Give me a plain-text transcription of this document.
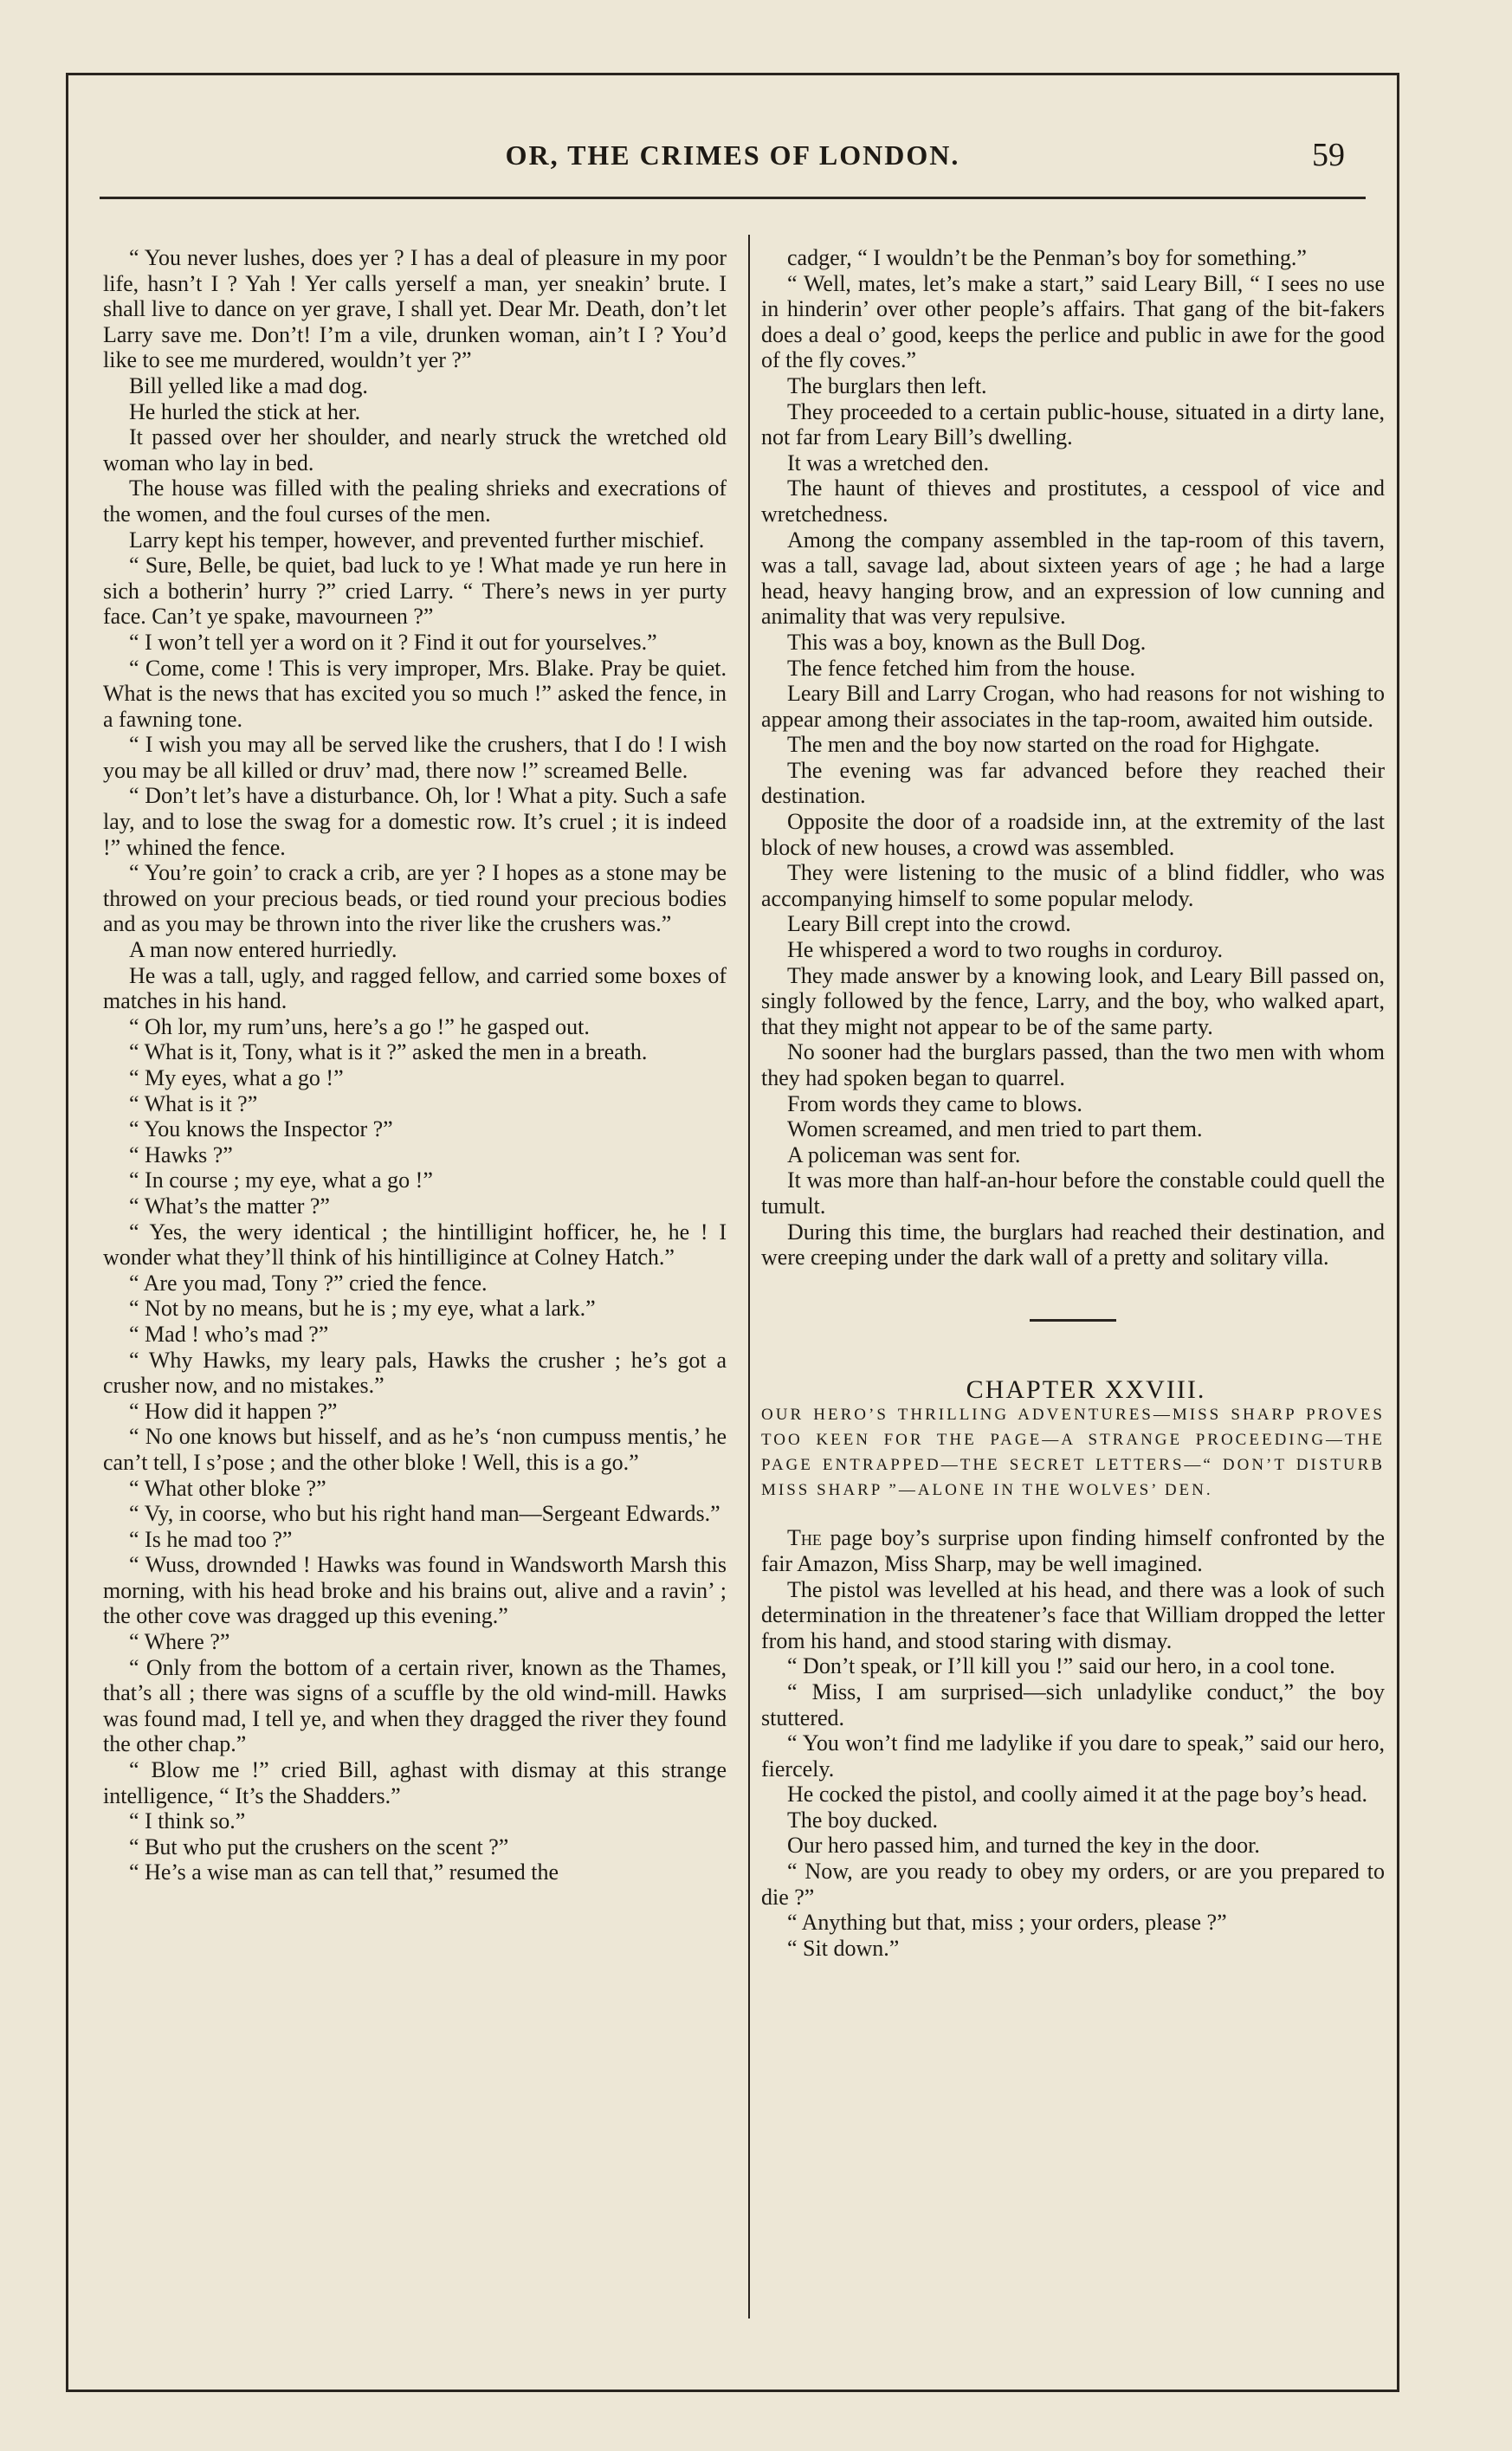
OR, THE CRIMES OF LONDON.	59

“ You never lushes, does yer ? I has a deal of pleasure in my poor life, hasn’t I ? Yah ! Yer calls yerself a man, yer sneakin’ brute. I shall live to dance on yer grave, I shall yet. Dear Mr. Death, don’t let Larry save me. Don’t! I’m a vile, drunken woman, ain’t I ? You’d like to see me murdered, wouldn’t yer ?”

Bill yelled like a mad dog.

He hurled the stick at her.

It passed over her shoulder, and nearly struck the wretched old woman who lay in bed.

The house was filled with the pealing shrieks and execrations of the women, and the foul curses of the men.

Larry kept his temper, however, and prevented further mischief.

“ Sure, Belle, be quiet, bad luck to ye ! What made ye run here in sich a botherin’ hurry ?” cried Larry. “ There’s news in yer purty face. Can’t ye spake, mavourneen ?”

“ I won’t tell yer a word on it ? Find it out for yourselves.”

“ Come, come ! This is very improper, Mrs. Blake. Pray be quiet. What is the news that has excited you so much !” asked the fence, in a fawning tone.

“ I wish you may all be served like the crushers, that I do ! I wish you may be all killed or druv’ mad, there now !” screamed Belle.

“ Don’t let’s have a disturbance. Oh, lor ! What a pity. Such a safe lay, and to lose the swag for a domestic row. It’s cruel ; it is indeed !” whined the fence.

“ You’re goin’ to crack a crib, are yer ? I hopes as a stone may be throwed on your precious beads, or tied round your precious bodies and as you may be thrown into the river like the crushers was.”

A man now entered hurriedly.

He was a tall, ugly, and ragged fellow, and carried some boxes of matches in his hand.

“ Oh lor, my rum’uns, here’s a go !” he gasped out.

“ What is it, Tony, what is it ?” asked the men in a breath.

“ My eyes, what a go !”

“ What is it ?”

“ You knows the Inspector ?”

“ Hawks ?”

“ In course ; my eye, what a go !”

“ What’s the matter ?”

“ Yes, the wery identical ; the hintilligint hofficer, he, he ! I wonder what they’ll think of his hintilligince at Colney Hatch.”

“ Are you mad, Tony ?” cried the fence.

“ Not by no means, but he is ; my eye, what a lark.”

“ Mad ! who’s mad ?”

“ Why Hawks, my leary pals, Hawks the crusher ; he’s got a crusher now, and no mistakes.”

“ How did it happen ?”

“ No one knows but hisself, and as he’s ‘non cumpuss mentis,’ he can’t tell, I s’pose ; and the other bloke ! Well, this is a go.”

“ What other bloke ?”

“ Vy, in coorse, who but his right hand man—Sergeant Edwards.”

“ Is he mad too ?”

“ Wuss, drownded ! Hawks was found in Wandsworth Marsh this morning, with his head broke and his brains out, alive and a ravin’ ; the other cove was dragged up this evening.”

“ Where ?”

“ Only from the bottom of a certain river, known as the Thames, that’s all ; there was signs of a scuffle by the old wind-mill. Hawks was found mad, I tell ye, and when they dragged the river they found the other chap.”

“ Blow me !” cried Bill, aghast with dismay at this strange intelligence, “ It’s the Shadders.”

“ I think so.”

“ But who put the crushers on the scent ?”

“ He’s a wise man as can tell that,” resumed the

cadger, “ I wouldn’t be the Penman’s boy for something.”

“ Well, mates, let’s make a start,” said Leary Bill, “ I sees no use in hinderin’ over other people’s affairs. That gang of the bit-fakers does a deal o’ good, keeps the perlice and public in awe for the good of the fly coves.”

The burglars then left.

They proceeded to a certain public-house, situated in a dirty lane, not far from Leary Bill’s dwelling.

It was a wretched den.

The haunt of thieves and prostitutes, a cesspool of vice and wretchedness.

Among the company assembled in the tap-room of this tavern, was a tall, savage lad, about sixteen years of age ; he had a large head, heavy hanging brow, and an expression of low cunning and animality that was very repulsive.

This was a boy, known as the Bull Dog.

The fence fetched him from the house.

Leary Bill and Larry Crogan, who had reasons for not wishing to appear among their associates in the tap-room, awaited him outside.

The men and the boy now started on the road for Highgate.

The evening was far advanced before they reached their destination.

Opposite the door of a roadside inn, at the extremity of the last block of new houses, a crowd was assembled.

They were listening to the music of a blind fiddler, who was accompanying himself to some popular melody.

Leary Bill crept into the crowd.

He whispered a word to two roughs in corduroy.

They made answer by a knowing look, and Leary Bill passed on, singly followed by the fence, Larry, and the boy, who walked apart, that they might not appear to be of the same party.

No sooner had the burglars passed, than the two men with whom they had spoken began to quarrel.

From words they came to blows.

Women screamed, and men tried to part them.

A policeman was sent for.

It was more than half-an-hour before the constable could quell the tumult.

During this time, the burglars had reached their destination, and were creeping under the dark wall of a pretty and solitary villa.

CHAPTER XXVIII.

OUR HERO’S THRILLING ADVENTURES—MISS SHARP PROVES TOO KEEN FOR THE PAGE—A STRANGE PROCEEDING—THE PAGE ENTRAPPED—THE SECRET LETTERS—“ DON’T DISTURB MISS SHARP ”—ALONE IN THE WOLVES’ DEN.

The page boy’s surprise upon finding himself confronted by the fair Amazon, Miss Sharp, may be well imagined.

The pistol was levelled at his head, and there was a look of such determination in the threatener’s face that William dropped the letter from his hand, and stood staring with dismay.

“ Don’t speak, or I’ll kill you !” said our hero, in a cool tone.

“ Miss, I am surprised—sich unladylike conduct,” the boy stuttered.

“ You won’t find me ladylike if you dare to speak,” said our hero, fiercely.

He cocked the pistol, and coolly aimed it at the page boy’s head.

The boy ducked.

Our hero passed him, and turned the key in the door.

“ Now, are you ready to obey my orders, or are you prepared to die ?”

“ Anything but that, miss ; your orders, please ?”

“ Sit down.”
